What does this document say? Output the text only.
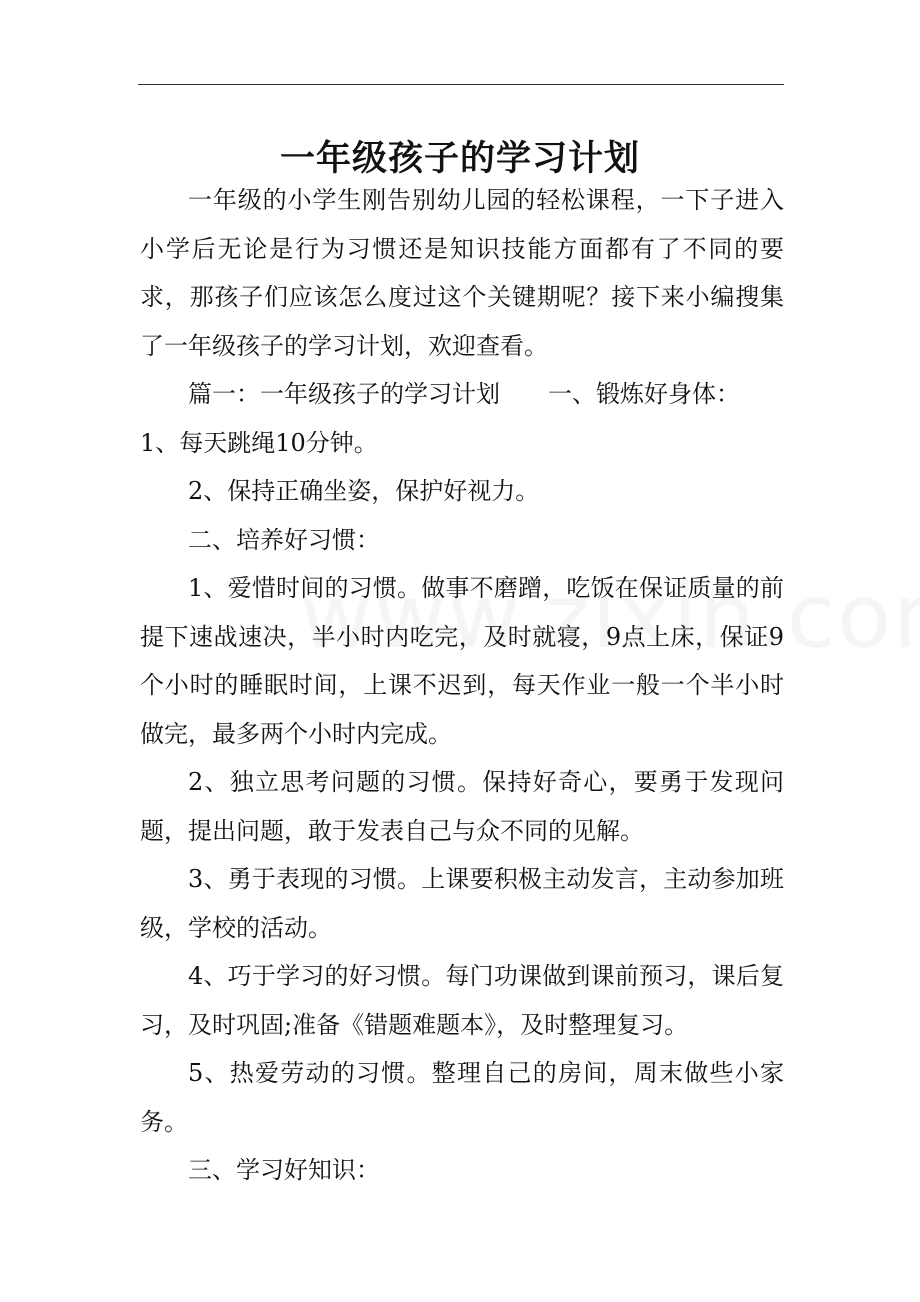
一年级孩子的学习计划

一年级的小学生刚告别幼儿园的轻松课程，一下子进入小学后无论是行为习惯还是知识技能方面都有了不同的要求，那孩子们应该怎么度过这个关键期呢？接下来小编搜集了一年级孩子的学习计划，欢迎查看。

篇一：一年级孩子的学习计划　　一、锻炼好身体：

1、每天跳绳10分钟。

2、保持正确坐姿，保护好视力。

二、培养好习惯：

1、爱惜时间的习惯。做事不磨蹭，吃饭在保证质量的前提下速战速决，半小时内吃完，及时就寝，9点上床，保证9个小时的睡眠时间，上课不迟到，每天作业一般一个半小时做完，最多两个小时内完成。

2、独立思考问题的习惯。保持好奇心，要勇于发现问题，提出问题，敢于发表自己与众不同的见解。

3、勇于表现的习惯。上课要积极主动发言，主动参加班级，学校的活动。

4、巧于学习的好习惯。每门功课做到课前预习，课后复习，及时巩固;准备《错题难题本》，及时整理复习。

5、热爱劳动的习惯。整理自己的房间，周末做些小家务。

三、学习好知识：
